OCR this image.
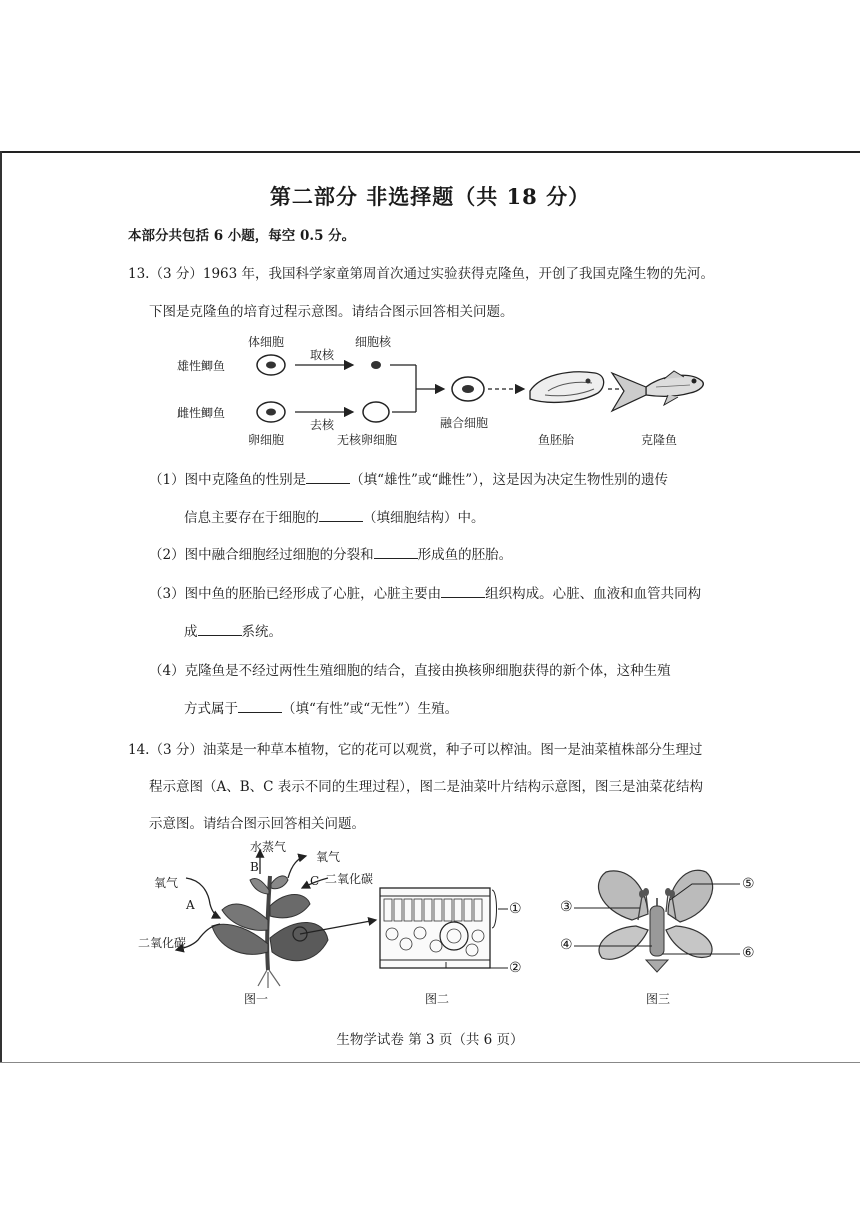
第二部分 非选择题（共 18 分）
本部分共包括 6 小题，每空 0.5 分。
13.（3 分）1963 年，我国科学家童第周首次通过实验获得克隆鱼，开创了我国克隆生物的先河。
下图是克隆鱼的培育过程示意图。请结合图示回答相关问题。
体细胞	细胞核
取核
雄性鲫鱼
雌性鲫鱼
去核	融合细胞
卵细胞	无核卵细胞	鱼胚胎	克隆鱼
（1）图中克隆鱼的性别是	（填“雄性”或“雌性”），这是因为决定生物性别的遗传
信息主要存在于细胞的	（填细胞结构）中。
（2）图中融合细胞经过细胞的分裂和	形成鱼的胚胎。
（3）图中鱼的胚胎已经形成了心脏，心脏主要由	组织构成。心脏、血液和血管共同构
成	系统。
（4）克隆鱼是不经过两性生殖细胞的结合，直接由换核卵细胞获得的新个体，这种生殖
方式属于	（填“有性”或“无性”）生殖。
14.（3 分）油菜是一种草本植物，它的花可以观赏，种子可以榨油。图一是油菜植株部分生理过
程示意图（A、B、C 表示不同的生理过程），图二是油菜叶片结构示意图，图三是油菜花结构
示意图。请结合图示回答相关问题。
水蒸气
B
氧气
C 二氧化碳
氧气
A
二氧化碳
图一
①
②
图二
③
④
⑤
⑥
图三
生物学试卷 第 3 页（共 6 页）
